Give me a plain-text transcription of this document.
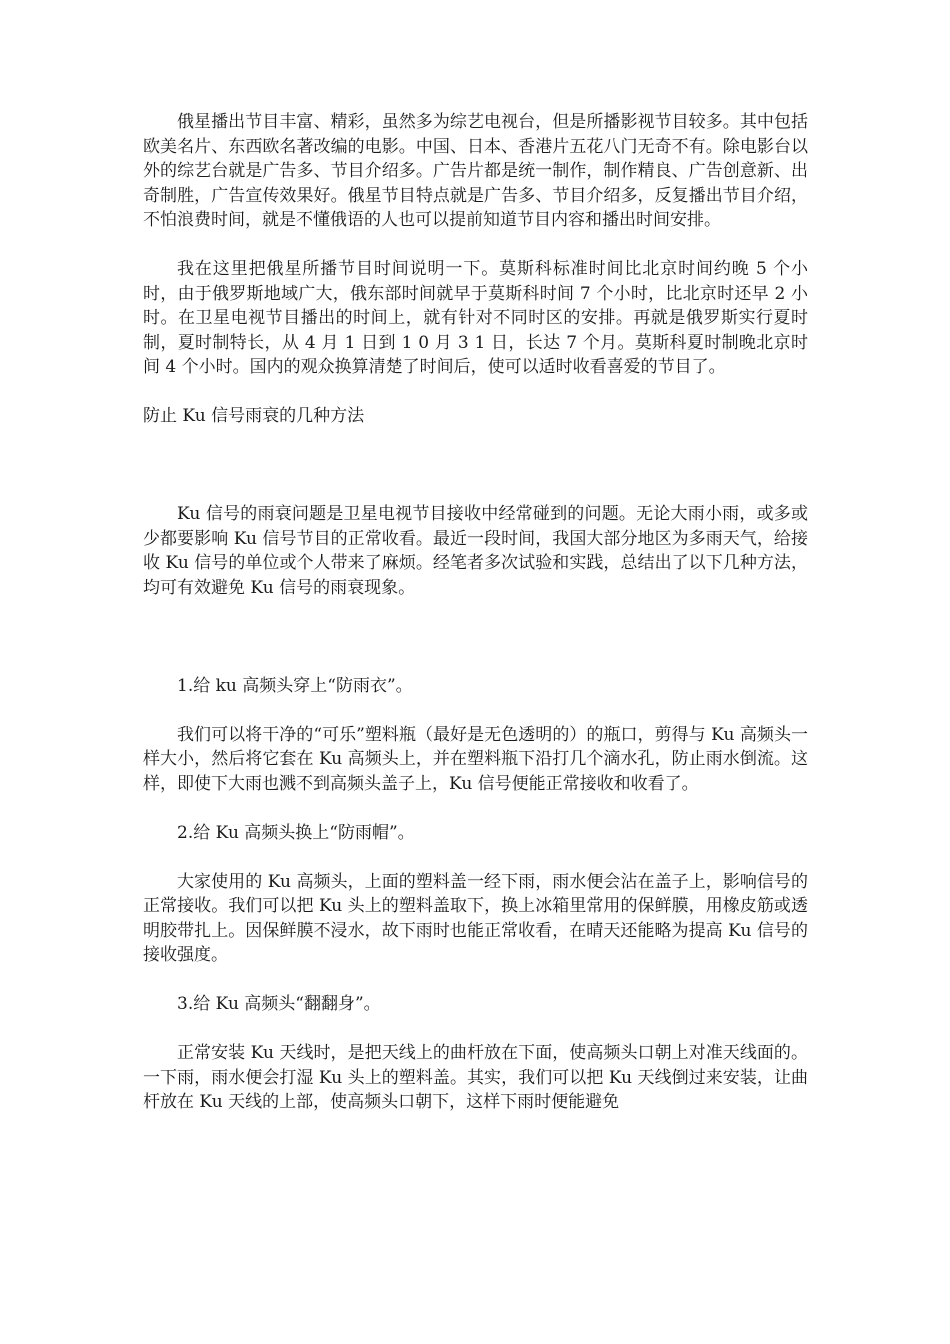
俄星播出节目丰富、精彩，虽然多为综艺电视台，但是所播影视节目较多。其中包括欧美名片、东西欧名著改编的电影。中国、日本、香港片五花八门无奇不有。除电影台以外的综艺台就是广告多、节目介绍多。广告片都是统一制作，制作精良、广告创意新、出奇制胜，广告宣传效果好。俄星节目特点就是广告多、节目介绍多，反复播出节目介绍，不怕浪费时间，就是不懂俄语的人也可以提前知道节目内容和播出时间安排。

我在这里把俄星所播节目时间说明一下。莫斯科标准时间比北京时间约晚 5 个小时，由于俄罗斯地域广大，俄东部时间就早于莫斯科时间 7 个小时，比北京时还早 2 小时。在卫星电视节目播出的时间上，就有针对不同时区的安排。再就是俄罗斯实行夏时制，夏时制特长，从 4 月 1 日到 1 0 月 3 1 日，长达 7 个月。莫斯科夏时制晚北京时间 4 个小时。国内的观众换算清楚了时间后，使可以适时收看喜爱的节目了。

防止 Ku 信号雨衰的几种方法

Ku 信号的雨衰问题是卫星电视节目接收中经常碰到的问题。无论大雨小雨，或多或少都要影响 Ku 信号节目的正常收看。最近一段时间，我国大部分地区为多雨天气，给接收 Ku 信号的单位或个人带来了麻烦。经笔者多次试验和实践，总结出了以下几种方法，均可有效避免 Ku 信号的雨衰现象。

1.给 ku 高频头穿上“防雨衣”。

我们可以将干净的“可乐”塑料瓶（最好是无色透明的）的瓶口，剪得与 Ku 高频头一样大小，然后将它套在 Ku 高频头上，并在塑料瓶下沿打几个滴水孔，防止雨水倒流。这样，即使下大雨也溅不到高频头盖子上，Ku 信号便能正常接收和收看了。

2.给 Ku 高频头换上“防雨帽”。

大家使用的 Ku 高频头，上面的塑料盖一经下雨，雨水便会沾在盖子上，影响信号的正常接收。我们可以把 Ku 头上的塑料盖取下，换上冰箱里常用的保鲜膜，用橡皮筋或透明胶带扎上。因保鲜膜不浸水，故下雨时也能正常收看，在晴天还能略为提高 Ku 信号的接收强度。

3.给 Ku 高频头“翻翻身”。

正常安装 Ku 天线时，是把天线上的曲杆放在下面，使高频头口朝上对准天线面的。一下雨，雨水便会打湿 Ku 头上的塑料盖。其实，我们可以把 Ku 天线倒过来安装，让曲杆放在 Ku 天线的上部，使高频头口朝下，这样下雨时便能避免
